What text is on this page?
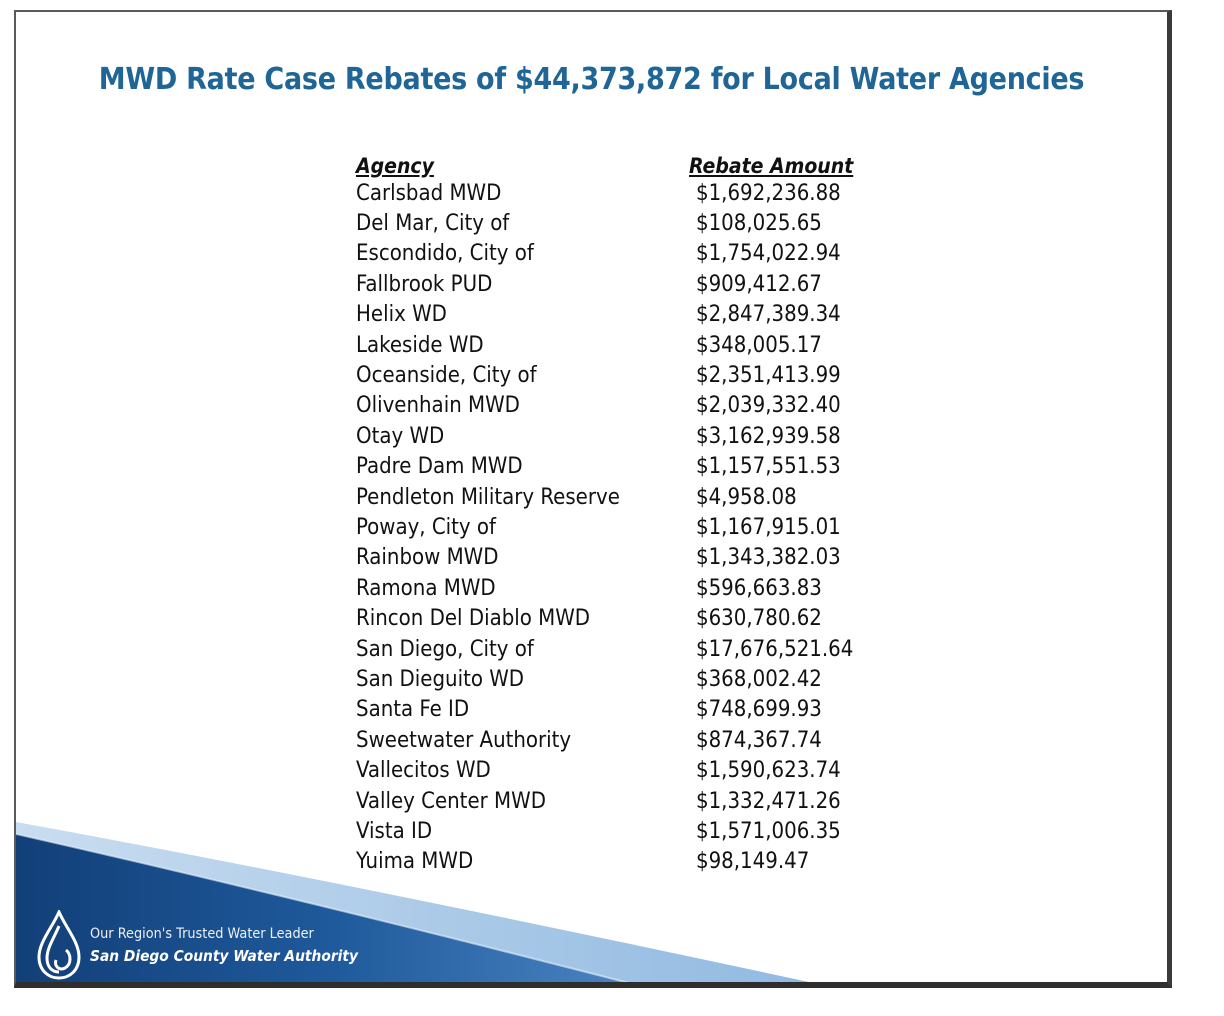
MWD Rate Case Rebates of $44,373,872 for Local Water Agencies
Agency	Rebate Amount
Carlsbad MWD	$1,692,236.88
Del Mar, City of	$108,025.65
Escondido, City of	$1,754,022.94
Fallbrook PUD	$909,412.67
Helix WD	$2,847,389.34
Lakeside WD	$348,005.17
Oceanside, City of	$2,351,413.99
Olivenhain MWD	$2,039,332.40
Otay WD	$3,162,939.58
Padre Dam MWD	$1,157,551.53
Pendleton Military Reserve	$4,958.08
Poway, City of	$1,167,915.01
Rainbow MWD	$1,343,382.03
Ramona MWD	$596,663.83
Rincon Del Diablo MWD	$630,780.62
San Diego, City of	$17,676,521.64
San Dieguito WD	$368,002.42
Santa Fe ID	$748,699.93
Sweetwater Authority	$874,367.74
Vallecitos WD	$1,590,623.74
Valley Center MWD	$1,332,471.26
Vista ID	$1,571,006.35
Yuima MWD	$98,149.47
Our Region's Trusted Water Leader
San Diego County Water Authority
